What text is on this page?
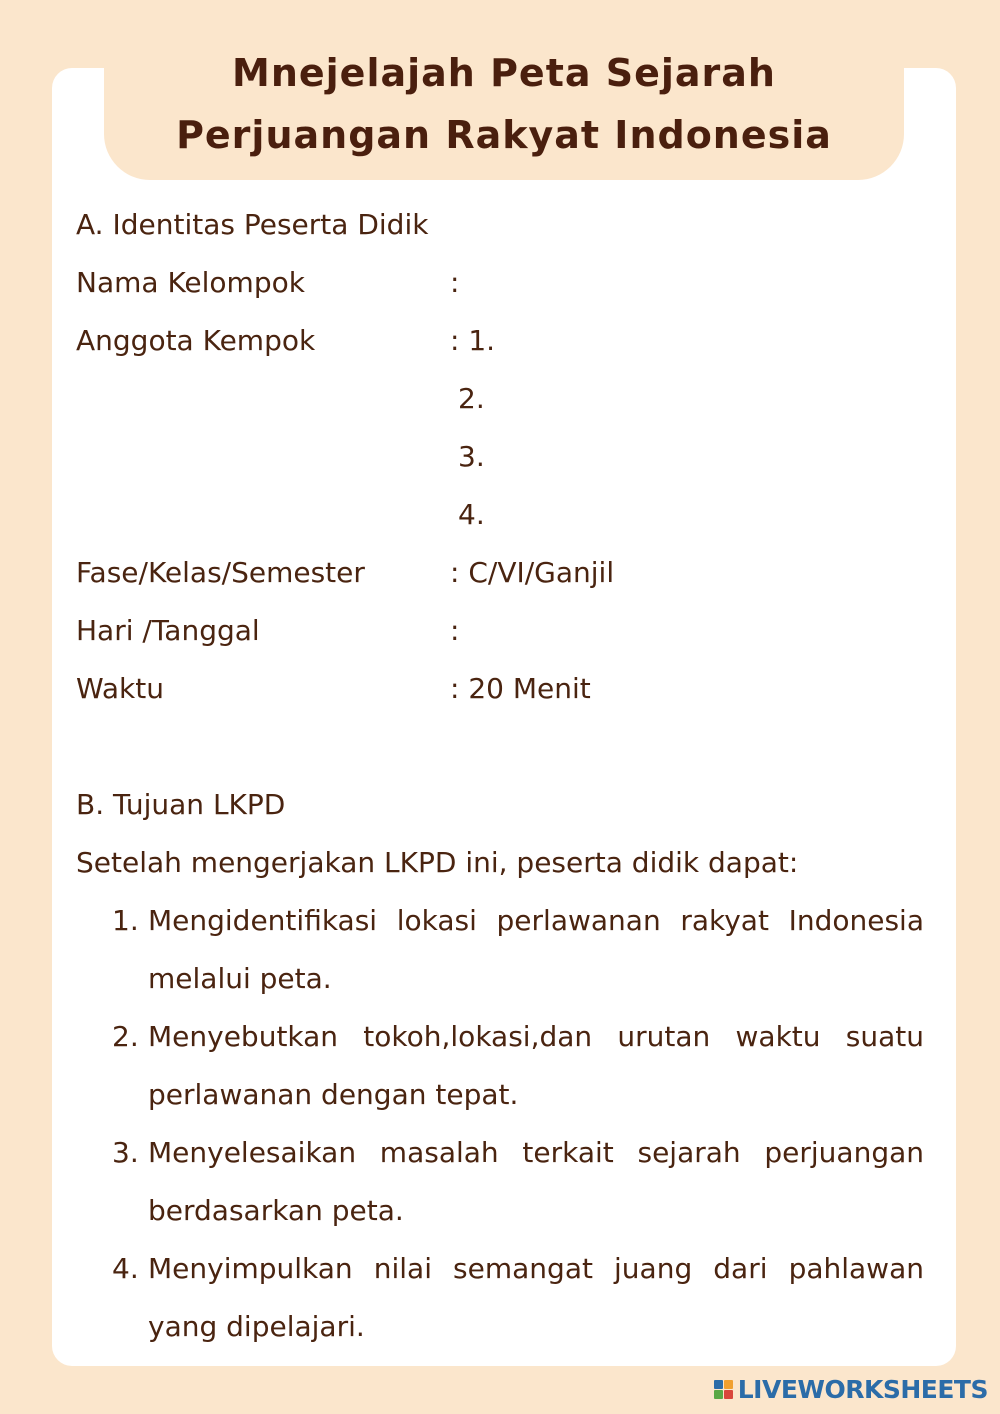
Mnejelajah Peta Sejarah
Perjuangan Rakyat Indonesia
A. Identitas Peserta Didik
Nama Kelompok	:
Anggota Kempok	: 1.
2.
3.
4.
Fase/Kelas/Semester	: C/VI/Ganjil
Hari /Tanggal	:
Waktu	: 20 Menit
B. Tujuan LKPD
Setelah mengerjakan LKPD ini, peserta didik dapat:
1. Mengidentifikasi lokasi perlawanan rakyat Indonesia melalui peta.
2. Menyebutkan tokoh,lokasi,dan urutan waktu suatu perlawanan dengan tepat.
3. Menyelesaikan masalah terkait sejarah perjuangan berdasarkan peta.
4. Menyimpulkan nilai semangat juang dari pahlawan yang dipelajari.
LIVEWORKSHEETS
